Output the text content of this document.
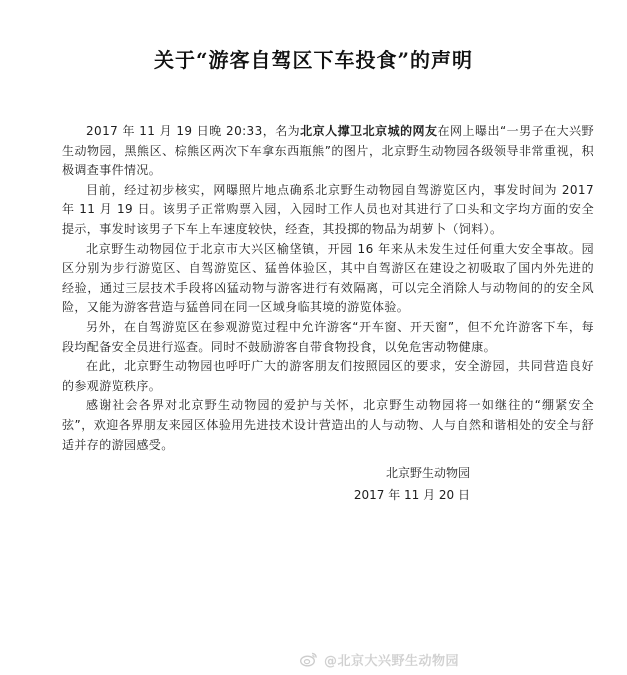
关于“游客自驾区下车投食”的声明

2017 年 11 月 19 日晚 20:33，名为北京人撑卫北京城的网友在网上曝出“一男子在大兴野生动物园，黑熊区、棕熊区两次下车拿东西瓶熊”的图片，北京野生动物园各级领导非常重视，积极调查事件情况。

目前，经过初步核实，网曝照片地点确系北京野生动物园自驾游览区内，事发时间为 2017 年 11 月 19 日。该男子正常购票入园，入园时工作人员也对其进行了口头和文字均方面的安全提示，事发时该男子下车上车速度较快，经查，其投掷的物品为胡萝卜（饲料）。

北京野生动物园位于北京市大兴区榆垡镇，开园 16 年来从未发生过任何重大安全事故。园区分别为步行游览区、自驾游览区、猛兽体验区，其中自驾游区在建设之初吸取了国内外先进的经验，通过三层技术手段将凶猛动物与游客进行有效隔离，可以完全消除人与动物间的的安全风险，又能为游客营造与猛兽同在同一区域身临其境的游览体验。

另外，在自驾游览区在参观游览过程中允许游客“开车窗、开天窗”，但不允许游客下车，每段均配备安全员进行巡查。同时不鼓励游客自带食物投食，以免危害动物健康。

在此，北京野生动物园也呼吁广大的游客朋友们按照园区的要求，安全游园，共同营造良好的参观游览秩序。

感谢社会各界对北京野生动物园的爱护与关怀，北京野生动物园将一如继往的“绷紧安全弦”，欢迎各界朋友来园区体验用先进技术设计营造出的人与动物、人与自然和谐相处的安全与舒适并存的游园感受。

北京野生动物园
2017 年 11 月 20 日
@北京大兴野生动物园
